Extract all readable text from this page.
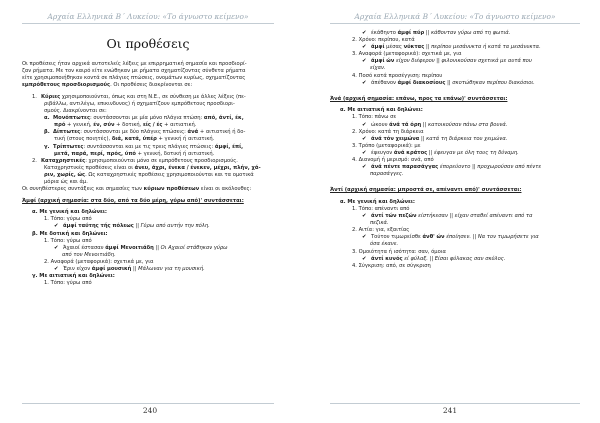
Αρχαία Ελληνικά Β΄ Λυκείου: «Το άγνωστο κείμενο»
Οι προθέσεις

Οι προθέσεις ήταν αρχικά αυτοτελείς λέξεις με επιρρηματική σημασία και προσδιορί-

ζαν ρήματα. Με τον καιρό είτε ενώθηκαν με ρήματα σχηματίζοντας σύνθετα ρήματα

είτε χρησιμοποιήθηκαν κοντά σε πλάγιες πτώσεις, ονομάτων κυρίως, σχηματίζοντας

εμπρόθετους προσδιορισμούς. Οι προθέσεις διακρίνονται σε:

1. Κύριες χρησιμοποιούνται, όπως και στη Ν.Ε., σε σύνθεση με άλλες λέξεις (πε-

ριβάλλω, αντιλέγω, επικινδυνος) ή σχηματίζουν εμπρόθετους προσδιορι-

σμούς. Διακρίνονται σε:

α. Μονόπτωτες: συντάσσονται με μία μόνο πλάγια πτώση: από, άντί, έκ,

πρό + γενική, έν, σύν + δοτική, είς / ές + αιτιατική.

β. Δίπτωτες: συντάσσονται με δύο πλάγιες πτώσεις: άνά + αιτιατική ή δο-

τική (στους ποιητές), διά, κατά, ύπέρ + γενική ή αιτιατική.

γ. Τρίπτωτες: συντάσσονται και με τις τρεις πλάγιες πτώσεις: άμφί, έπί,

μετά, παρά, περί, πρός, ύπό + γενική, δοτική ή αιτιατική.

2. Καταχρηστικές: χρησιμοποιούνται μόνο σε εμπρόθετους προσδιορισμούς.

Καταχρηστικές προθέσεις είναι οι άνευ, άχρι, ένεκα / ένεκεν, μέχρι, πλήν, χά-

ριν, χωρίς, ώς. Ως καταχρηστικές προθέσεις χρησιμοποιούνται και τα ομοτικά

μόρια ώς και άμ.

Οι συνηθέστερες συντάξεις και σημασίες των κύριων προθέσεων είναι οι ακόλουθες:

Άμφί (αρχική σημασία: στα δύο, από τα δύο μέρη, γύρω από)' συντάσσεται:

α. Με γενική και δηλώνει:

1. Τόπο: γύρω από

✔ άμφί ταύτης τής πόλεως || Γύρω από αυτήν την πόλη.

β. Με δοτική και δηλώνει:

1. Τόπο: γύρω από

✔ Άχαιοί έστασαν άμφί Μενοιτιάδη || Οι Αχαιοί στάθηκαν γύρω

από τον Μενοιτιάδη.

2. Αναφορά (μεταφορικά): σχετικά με, για

✔ Έριν είχον άμφί μουσική || Μάλωναν για τη μουσική.

γ. Με αιτιατική και δηλώνει:

1. Τόπο: γύρω από

240
Αρχαία Ελληνικά Β΄ Λυκείου: «Το άγνωστο κείμενο»

✔ έκάθηντο άμφί πύρ || κάθονταν γύρω από τη φωτιά.

2. Χρόνο: περίπου, κατά

✔ άμφί μέσας νύκτας || περίπου μεσάνυκτα ή κατά τα μεσάνυκτα.

3. Αναφορά (μεταφορικά): σχετικά με, για

✔ άμφί ών είχον διέφερον || φιλονικούσαν σχετικά με αυτά που

είχαν.

4. Ποσό κατά προσέγγιση: περίπου

✔ άπέθανον άμφί διακοσίους || σκοτώθηκαν περίπου διακόσιοι.

Άνά (αρχική σημασία: επάνω, προς τα επάνω)' συντάσσεται:

α. Με αιτιατική και δηλώνει:

1. Τόπο: πάνω σε

✔ ώκουν άνά τά όρη || κατοικούσαν πάνω στα βουνά.

2. Χρόνο: κατά τη διάρκεια

✔ άνά τόν χειμώνα || κατά τη διάρκεια του χειμώνα.

3. Τρόπο (μεταφορικά): με

✔ έφευγον άνά κράτος || έφευγαν με όλη τους τη δύναμη.

4. Διανομή ή μερισμό: ανά, από

✔ άνά πέντε παρασάγγας έπορεύοντο || προχωρούσαν από πέντε

παρασάγγες.

Άντί (αρχική σημασία: μπροστά σε, απέναντι από)' συντάσσεται:

α. Με γενική και δηλώνει:

1. Τόπο: απέναντι από

✔ άντί τών πεζών είστήκεσαν || είχαν σταθεί απέναντι από τα

πεζικά.

2. Αιτία: για, εξαιτίας

✔ Τούτον τιμωρείσθε άνθ' ών έποίησεν. || Να τον τιμωρήσετε για

όσα έκανε.

3. Ομοιότητα ή ισότητα: σαν, όμοια

✔ άντί κυνός εί φύλαξ. || Είσαι φύλακας σαν σκύλος.

4. Σύγκριση: από, σε σύγκριση

241
